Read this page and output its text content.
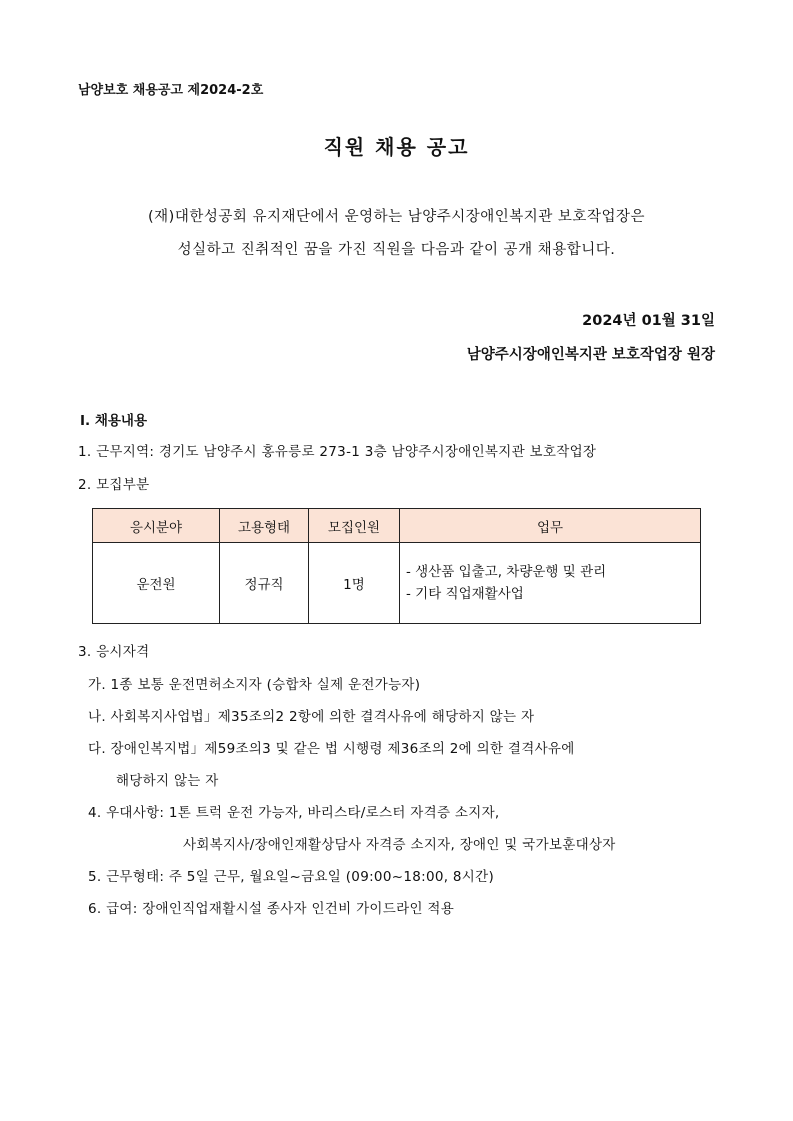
남양보호 채용공고 제2024-2호
직원 채용 공고
(재)대한성공회 유지재단에서 운영하는 남양주시장애인복지관 보호작업장은
성실하고 진취적인 꿈을 가진 직원을 다음과 같이 공개 채용합니다.
2024년 01월 31일
남양주시장애인복지관 보호작업장 원장
Ⅰ. 채용내용
1. 근무지역: 경기도 남양주시 홍유릉로 273-1 3층 남양주시장애인복지관 보호작업장
2. 모집부분
응시분야	고용형태	모집인원	업무
운전원	정규직	1명	- 생산품 입출고, 차량운행 및 관리
- 기타 직업재활사업
3. 응시자격
가. 1종 보통 운전면허소지자 (승합차 실제 운전가능자)
나. 사회복지사업법」제35조의2 2항에 의한 결격사유에 해당하지 않는 자
다. 장애인복지법」제59조의3 및 같은 법 시행령 제36조의 2에 의한 결격사유에
해당하지 않는 자
4. 우대사항: 1톤 트럭 운전 가능자, 바리스타/로스터 자격증 소지자,
사회복지사/장애인재활상담사 자격증 소지자, 장애인 및 국가보훈대상자
5. 근무형태: 주 5일 근무, 월요일~금요일 (09:00~18:00, 8시간)
6. 급여: 장애인직업재활시설 종사자 인건비 가이드라인 적용
